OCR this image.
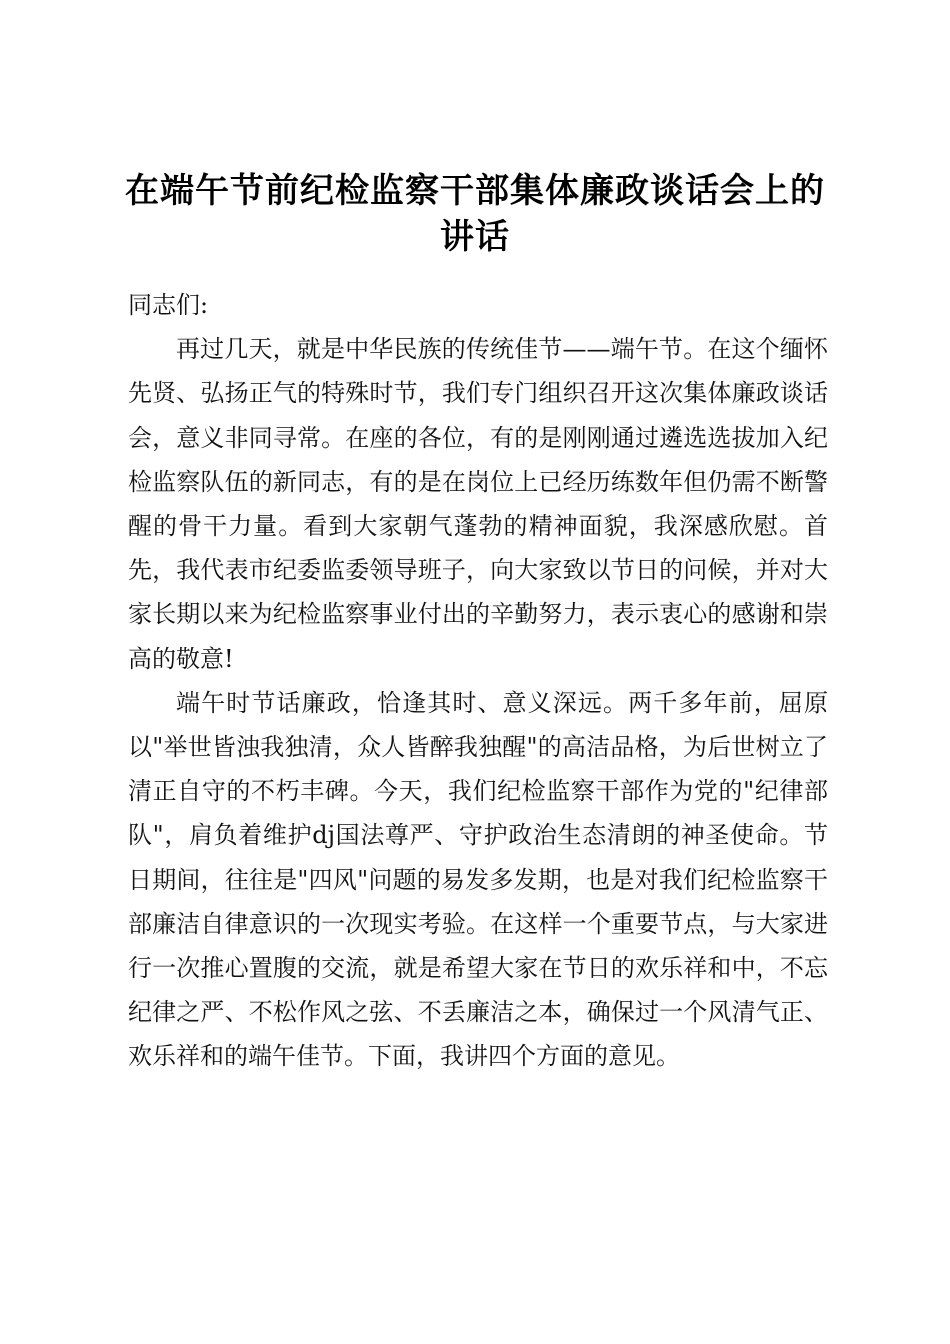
在端午节前纪检监察干部集体廉政谈话会上的讲话

同志们:

再过几天，就是中华民族的传统佳节——端午节。在这个缅怀先贤、弘扬正气的特殊时节，我们专门组织召开这次集体廉政谈话会，意义非同寻常。在座的各位，有的是刚刚通过遴选选拔加入纪检监察队伍的新同志，有的是在岗位上已经历练数年但仍需不断警醒的骨干力量。看到大家朝气蓬勃的精神面貌，我深感欣慰。首先，我代表市纪委监委领导班子，向大家致以节日的问候，并对大家长期以来为纪检监察事业付出的辛勤努力，表示衷心的感谢和崇高的敬意!

端午时节话廉政，恰逢其时、意义深远。两千多年前，屈原以"举世皆浊我独清，众人皆醉我独醒"的高洁品格，为后世树立了清正自守的不朽丰碑。今天，我们纪检监察干部作为党的"纪律部队"，肩负着维护dj国法尊严、守护政治生态清朗的神圣使命。节日期间，往往是"四风"问题的易发多发期，也是对我们纪检监察干部廉洁自律意识的一次现实考验。在这样一个重要节点，与大家进行一次推心置腹的交流，就是希望大家在节日的欢乐祥和中，不忘纪律之严、不松作风之弦、不丢廉洁之本，确保过一个风清气正、欢乐祥和的端午佳节。下面，我讲四个方面的意见。
